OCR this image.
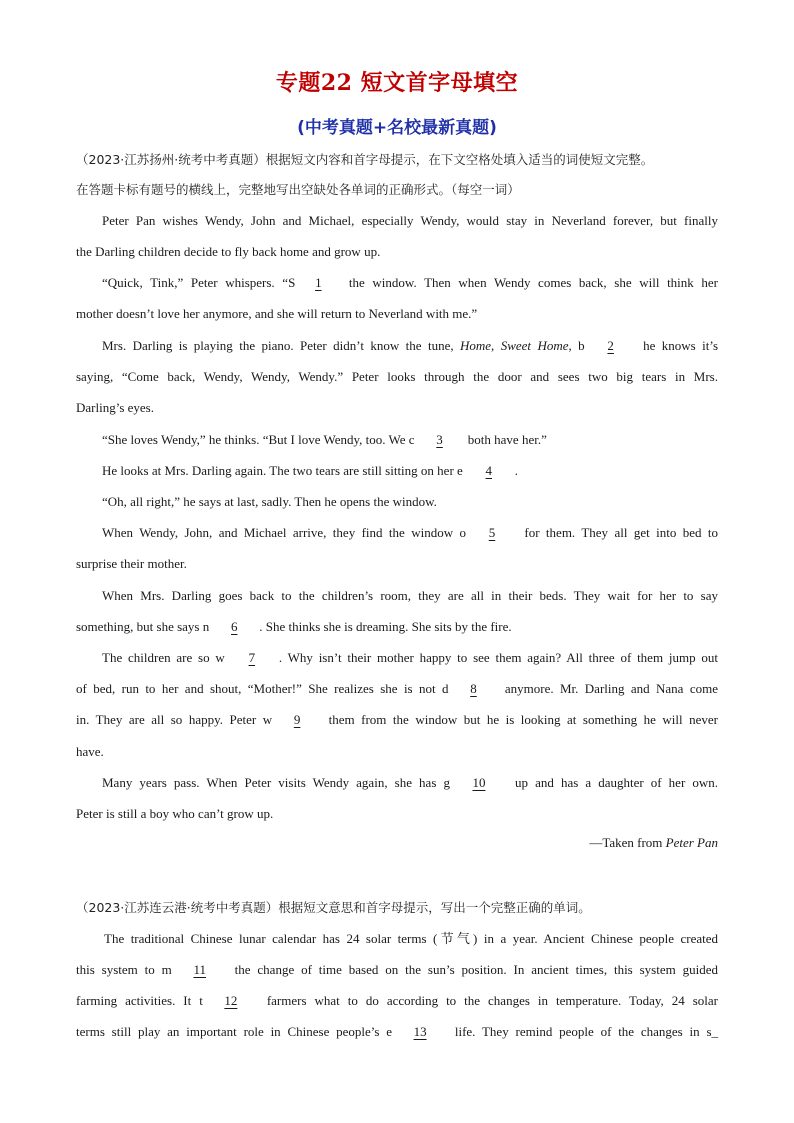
专题22 短文首字母填空
(中考真题+名校最新真题)
（2023·江苏扬州·统考中考真题）根据短文内容和首字母提示，在下文空格处填入适当的词使短文完整。
在答题卡标有题号的横线上，完整地写出空缺处各单词的正确形式。（每空一词）
Peter Pan wishes Wendy, John and Michael, especially Wendy, would stay in Neverland forever, but finally
the Darling children decide to fly back home and grow up.
“Quick, Tink,” Peter whispers. “S 1 the window. Then when Wendy comes back, she will think her
mother doesn’t love her anymore, and she will return to Neverland with me.”
Mrs. Darling is playing the piano. Peter didn’t know the tune, Home, Sweet Home, b 2 he knows it’s
saying, “Come back, Wendy, Wendy, Wendy.” Peter looks through the door and sees two big tears in Mrs.
Darling’s eyes.
“She loves Wendy,” he thinks. “But I love Wendy, too. We c 3 both have her.”
He looks at Mrs. Darling again. The two tears are still sitting on her e 4 .
“Oh, all right,” he says at last, sadly. Then he opens the window.
When Wendy, John, and Michael arrive, they find the window o 5 for them. They all get into bed to
surprise their mother.
When Mrs. Darling goes back to the children’s room, they are all in their beds. They wait for her to say
something, but she says n 6 . She thinks she is dreaming. She sits by the fire.
The children are so w 7 . Why isn’t their mother happy to see them again? All three of them jump out
of bed, run to her and shout, “Mother!” She realizes she is not d 8 anymore. Mr. Darling and Nana come
in. They are all so happy. Peter w 9 them from the window but he is looking at something he will never
have.
Many years pass. When Peter visits Wendy again, she has g 10 up and has a daughter of her own.
Peter is still a boy who can’t grow up.
—Taken from Peter Pan
（2023·江苏连云港·统考中考真题）根据短文意思和首字母提示，写出一个完整正确的单词。
The traditional Chinese lunar calendar has 24 solar terms (节气) in a year. Ancient Chinese people created
this system to m 11 the change of time based on the sun’s position. In ancient times, this system guided
farming activities. It t 12 farmers what to do according to the changes in temperature. Today, 24 solar
terms still play an important role in Chinese people’s e 13 life. They remind people of the changes in s_
